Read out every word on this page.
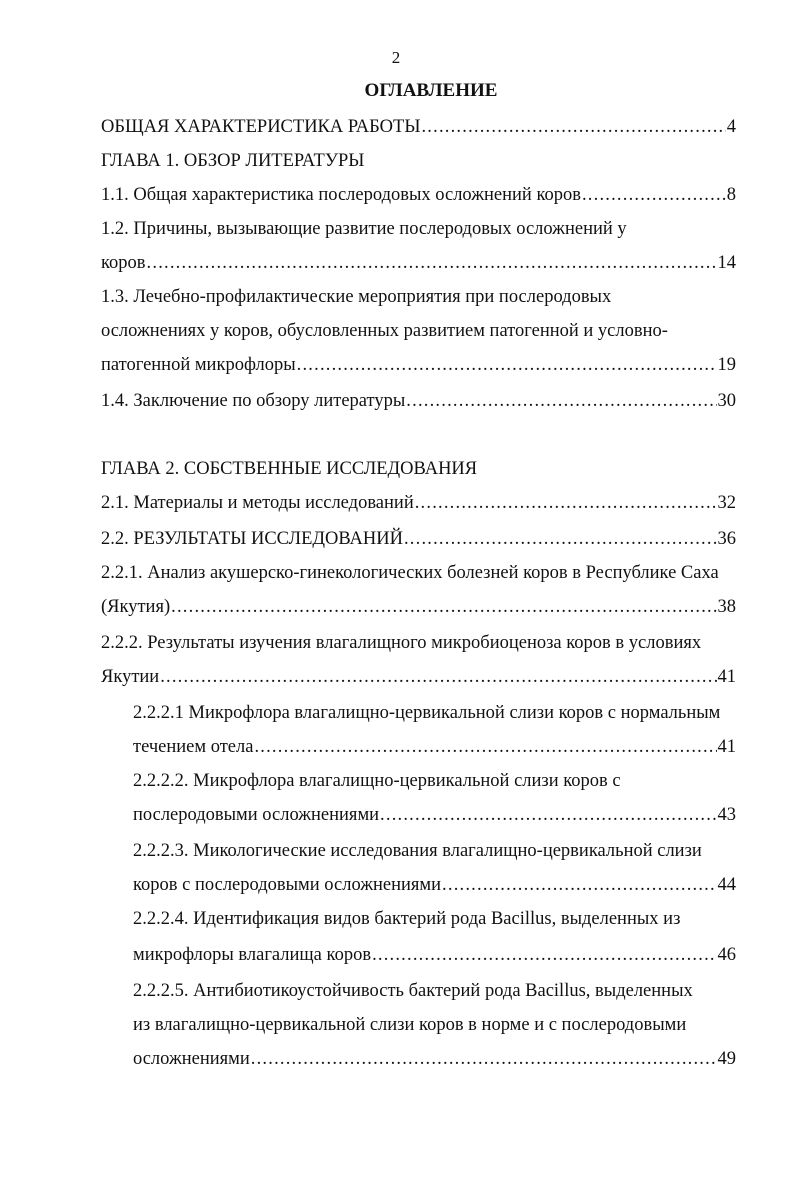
2
ОГЛАВЛЕНИЕ
ОБЩАЯ ХАРАКТЕРИСТИКА РАБОТЫ .....	4
ГЛАВА 1. ОБЗОР ЛИТЕРАТУРЫ
1.1. Общая характеристика послеродовых осложнений коров .....	8
1.2. Причины, вызывающие развитие послеродовых осложнений у
коров .....	14
1.3. Лечебно-профилактические мероприятия при послеродовых
осложнениях у коров, обусловленных развитием патогенной и условно-
патогенной микрофлоры .....	19
1.4. Заключение по обзору литературы .....	30
ГЛАВА 2. СОБСТВЕННЫЕ ИССЛЕДОВАНИЯ
2.1. Материалы и методы исследований .....	32
2.2. РЕЗУЛЬТАТЫ ИССЛЕДОВАНИЙ .....	36
2.2.1. Анализ акушерско-гинекологических болезней коров в Республике Саха
(Якутия) .....	38
2.2.2. Результаты изучения влагалищного микробиоценоза коров в условиях
Якутии .....	41
2.2.2.1 Микрофлора влагалищно-цервикальной слизи коров с нормальным
течением отела .....	41
2.2.2.2. Микрофлора влагалищно-цервикальной слизи коров с
послеродовыми осложнениями .....	43
2.2.2.3. Микологические исследования влагалищно-цервикальной слизи
коров с послеродовыми осложнениями .....	44
2.2.2.4. Идентификация видов бактерий рода Bacillus, выделенных из
микрофлоры влагалища коров .....	46
2.2.2.5. Антибиотикоустойчивость бактерий рода Bacillus, выделенных
из влагалищно-цервикальной слизи коров в норме и с послеродовыми
осложнениями .....	49
